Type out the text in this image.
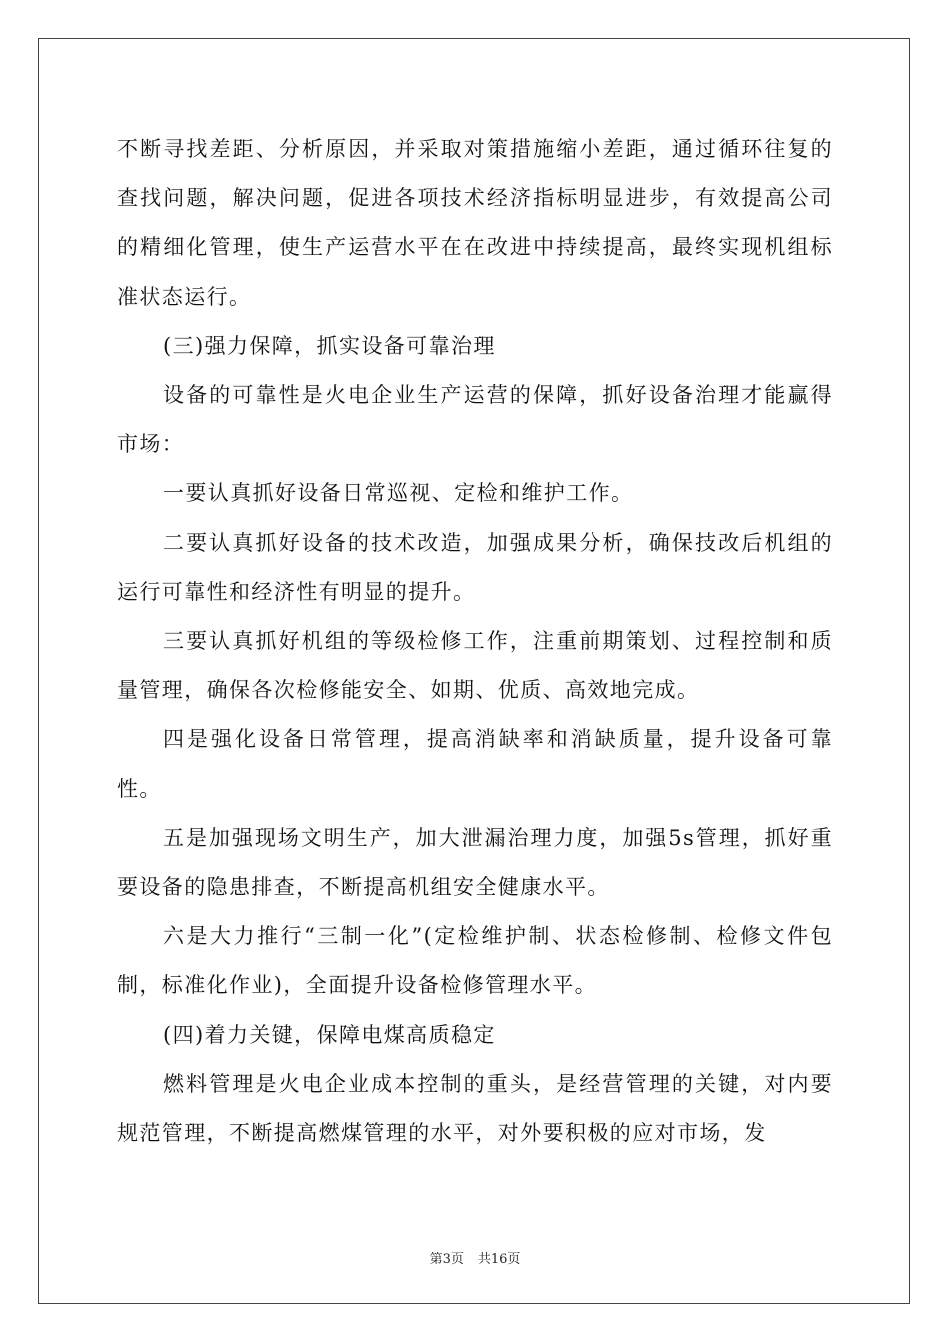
不断寻找差距、分析原因，并采取对策措施缩小差距，通过循环往复的查找问题，解决问题，促进各项技术经济指标明显进步，有效提高公司的精细化管理，使生产运营水平在在改进中持续提高，最终实现机组标准状态运行。

(三)强力保障，抓实设备可靠治理

设备的可靠性是火电企业生产运营的保障，抓好设备治理才能赢得市场：

一要认真抓好设备日常巡视、定检和维护工作。

二要认真抓好设备的技术改造，加强成果分析，确保技改后机组的运行可靠性和经济性有明显的提升。

三要认真抓好机组的等级检修工作，注重前期策划、过程控制和质量管理，确保各次检修能安全、如期、优质、高效地完成。

四是强化设备日常管理，提高消缺率和消缺质量，提升设备可靠性。

五是加强现场文明生产，加大泄漏治理力度，加强5s管理，抓好重要设备的隐患排查，不断提高机组安全健康水平。

六是大力推行“三制一化”(定检维护制、状态检修制、检修文件包制，标准化作业)，全面提升设备检修管理水平。

(四)着力关键，保障电煤高质稳定

燃料管理是火电企业成本控制的重头，是经营管理的关键，对内要规范管理，不断提高燃煤管理的水平，对外要积极的应对市场，发

第3页 共16页
